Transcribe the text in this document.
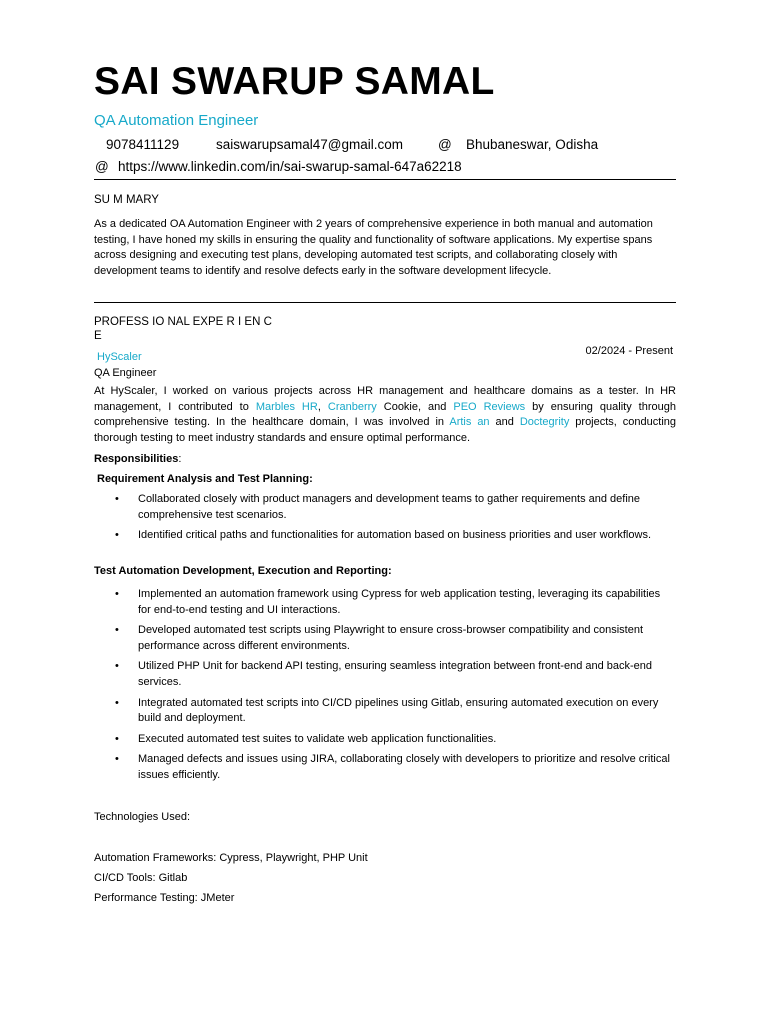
SAI SWARUP SAMAL
QA Automation Engineer
9078411129	saiswarupsamal47@gmail.com	@ Bhubaneswar, Odisha
@ https://www.linkedin.com/in/sai-swarup-samal-647a62218
SU M MARY
As a dedicated OA Automation Engineer with 2 years of comprehensive experience in both manual and automation testing, I have honed my skills in ensuring the quality and functionality of software applications. My expertise spans across designing and executing test plans, developing automated test scripts, and collaborating closely with development teams to identify and resolve defects early in the software development lifecycle.
PROFESS IO NAL EXPE R I EN C
E
HyScaler	02/2024 - Present
QA Engineer
At HyScaler, I worked on various projects across HR management and healthcare domains as a tester. In HR management, I contributed to Marbles HR, Cranberry Cookie, and PEO Reviews by ensuring quality through comprehensive testing. In the healthcare domain, I was involved in Artis an and Doctegrity projects, conducting thorough testing to meet industry standards and ensure optimal performance.
Responsibilities:
Requirement Analysis and Test Planning:
• Collaborated closely with product managers and development teams to gather requirements and define comprehensive test scenarios.
• Identified critical paths and functionalities for automation based on business priorities and user workflows.
Test Automation Development, Execution and Reporting:
• Implemented an automation framework using Cypress for web application testing, leveraging its capabilities for end-to-end testing and UI interactions.
• Developed automated test scripts using Playwright to ensure cross-browser compatibility and consistent performance across different environments.
• Utilized PHP Unit for backend API testing, ensuring seamless integration between front-end and back-end services.
• Integrated automated test scripts into CI/CD pipelines using Gitlab, ensuring automated execution on every build and deployment.
• Executed automated test suites to validate web application functionalities.
• Managed defects and issues using JIRA, collaborating closely with developers to prioritize and resolve critical issues efficiently.
Technologies Used:
Automation Frameworks: Cypress, Playwright, PHP Unit
CI/CD Tools: Gitlab
Performance Testing: JMeter
